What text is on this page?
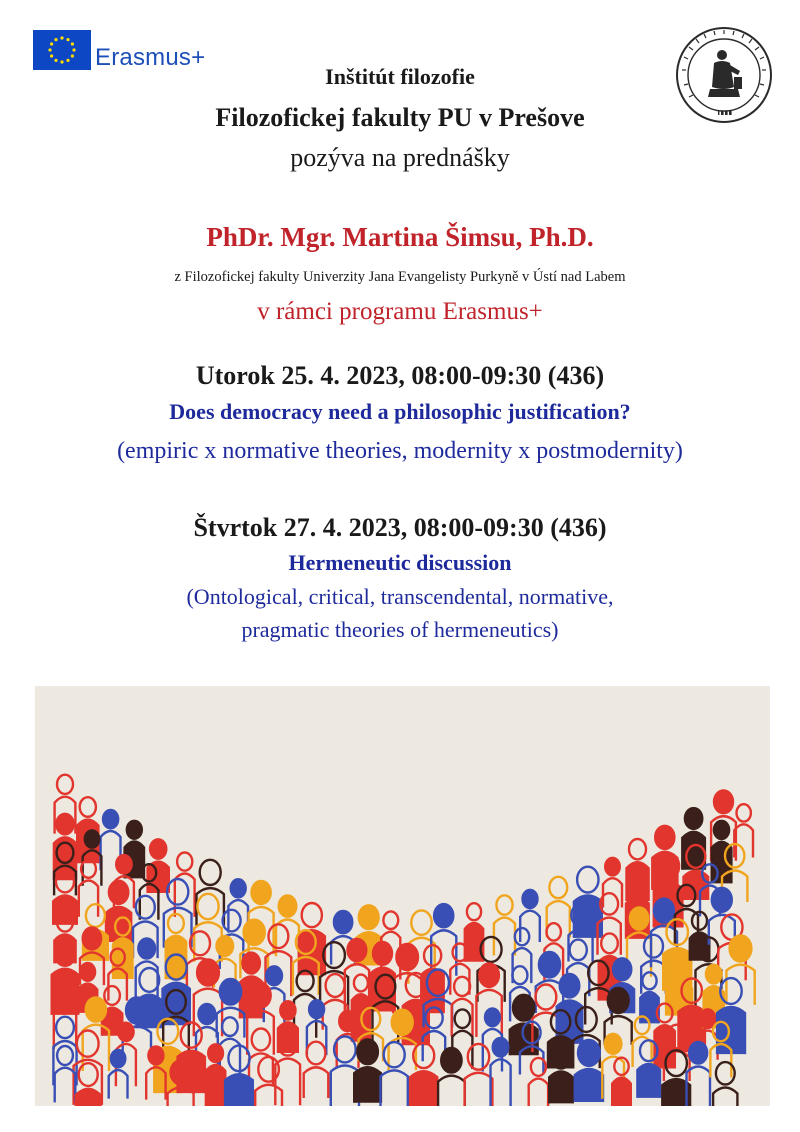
Erasmus+
Inštitút filozofie
Filozofickej fakulty PU v Prešove
pozýva na prednášky
PhDr. Mgr. Martina Šimsu, Ph.D.
z Filozofickej fakulty Univerzity Jana Evangelisty Purkyně v Ústí nad Labem
v rámci programu Erasmus+
Utorok 25. 4. 2023, 08:00-09:30 (436)
Does democracy need a philosophic justification?
(empiric x normative theories, modernity x postmodernity)
Štvrtok 27. 4. 2023, 08:00-09:30 (436)
Hermeneutic discussion
(Ontological, critical, transcendental, normative,
pragmatic theories of hermeneutics)
